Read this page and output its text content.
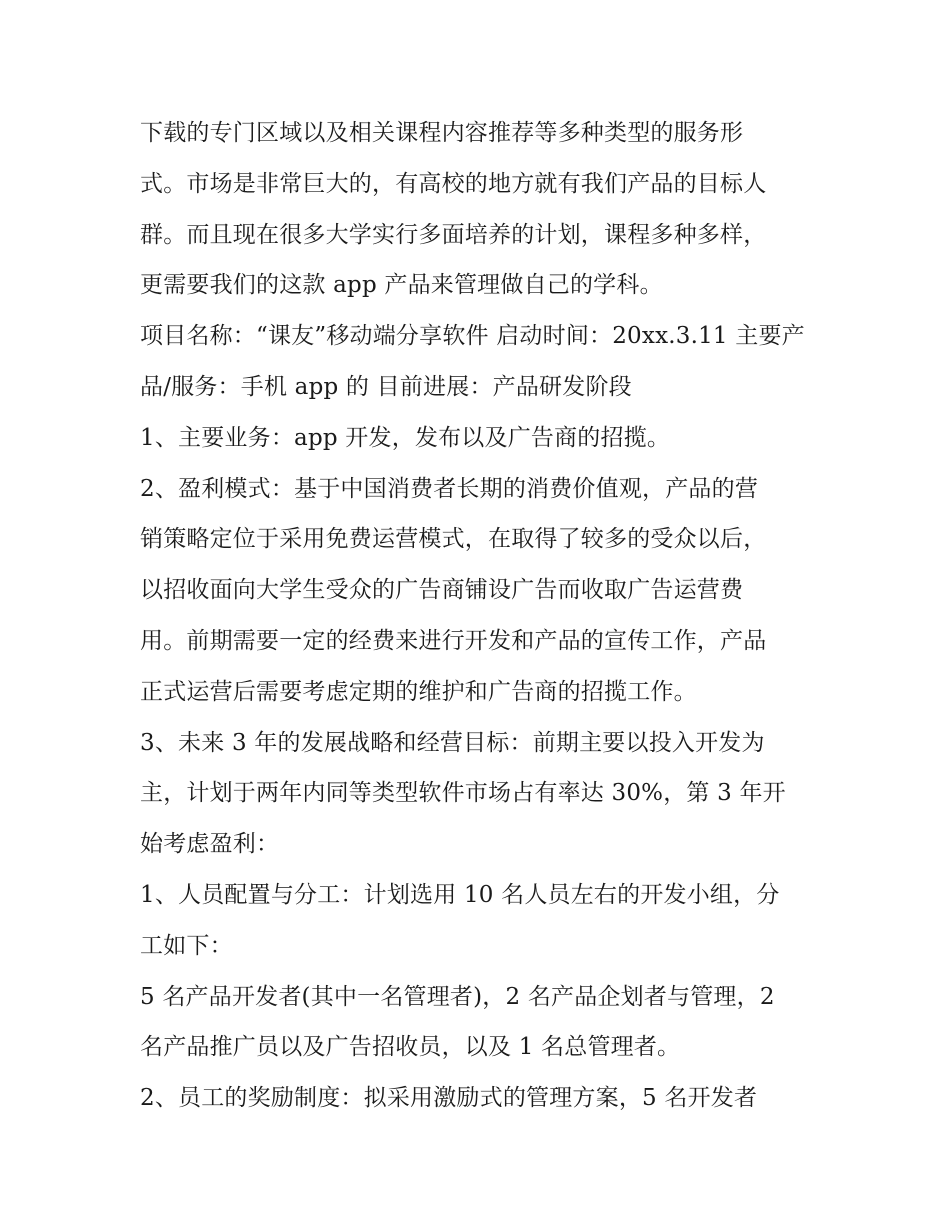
下载的专门区域以及相关课程内容推荐等多种类型的服务形
式。市场是非常巨大的，有高校的地方就有我们产品的目标人
群。而且现在很多大学实行多面培养的计划，课程多种多样，
更需要我们的这款 app 产品来管理做自己的学科。
项目名称：“课友”移动端分享软件 启动时间：20xx.3.11 主要产
品/服务：手机 app 的 目前进展：产品研发阶段
1、主要业务：app 开发，发布以及广告商的招揽。
2、盈利模式：基于中国消费者长期的消费价值观，产品的营
销策略定位于采用免费运营模式，在取得了较多的受众以后，
以招收面向大学生受众的广告商铺设广告而收取广告运营费
用。前期需要一定的经费来进行开发和产品的宣传工作，产品
正式运营后需要考虑定期的维护和广告商的招揽工作。
3、未来 3 年的发展战略和经营目标：前期主要以投入开发为
主，计划于两年内同等类型软件市场占有率达 30%，第 3 年开
始考虑盈利：
1、人员配置与分工：计划选用 10 名人员左右的开发小组，分
工如下：
5 名产品开发者(其中一名管理者)，2 名产品企划者与管理，2
名产品推广员以及广告招收员，以及 1 名总管理者。
2、员工的奖励制度：拟采用激励式的管理方案，5 名开发者
